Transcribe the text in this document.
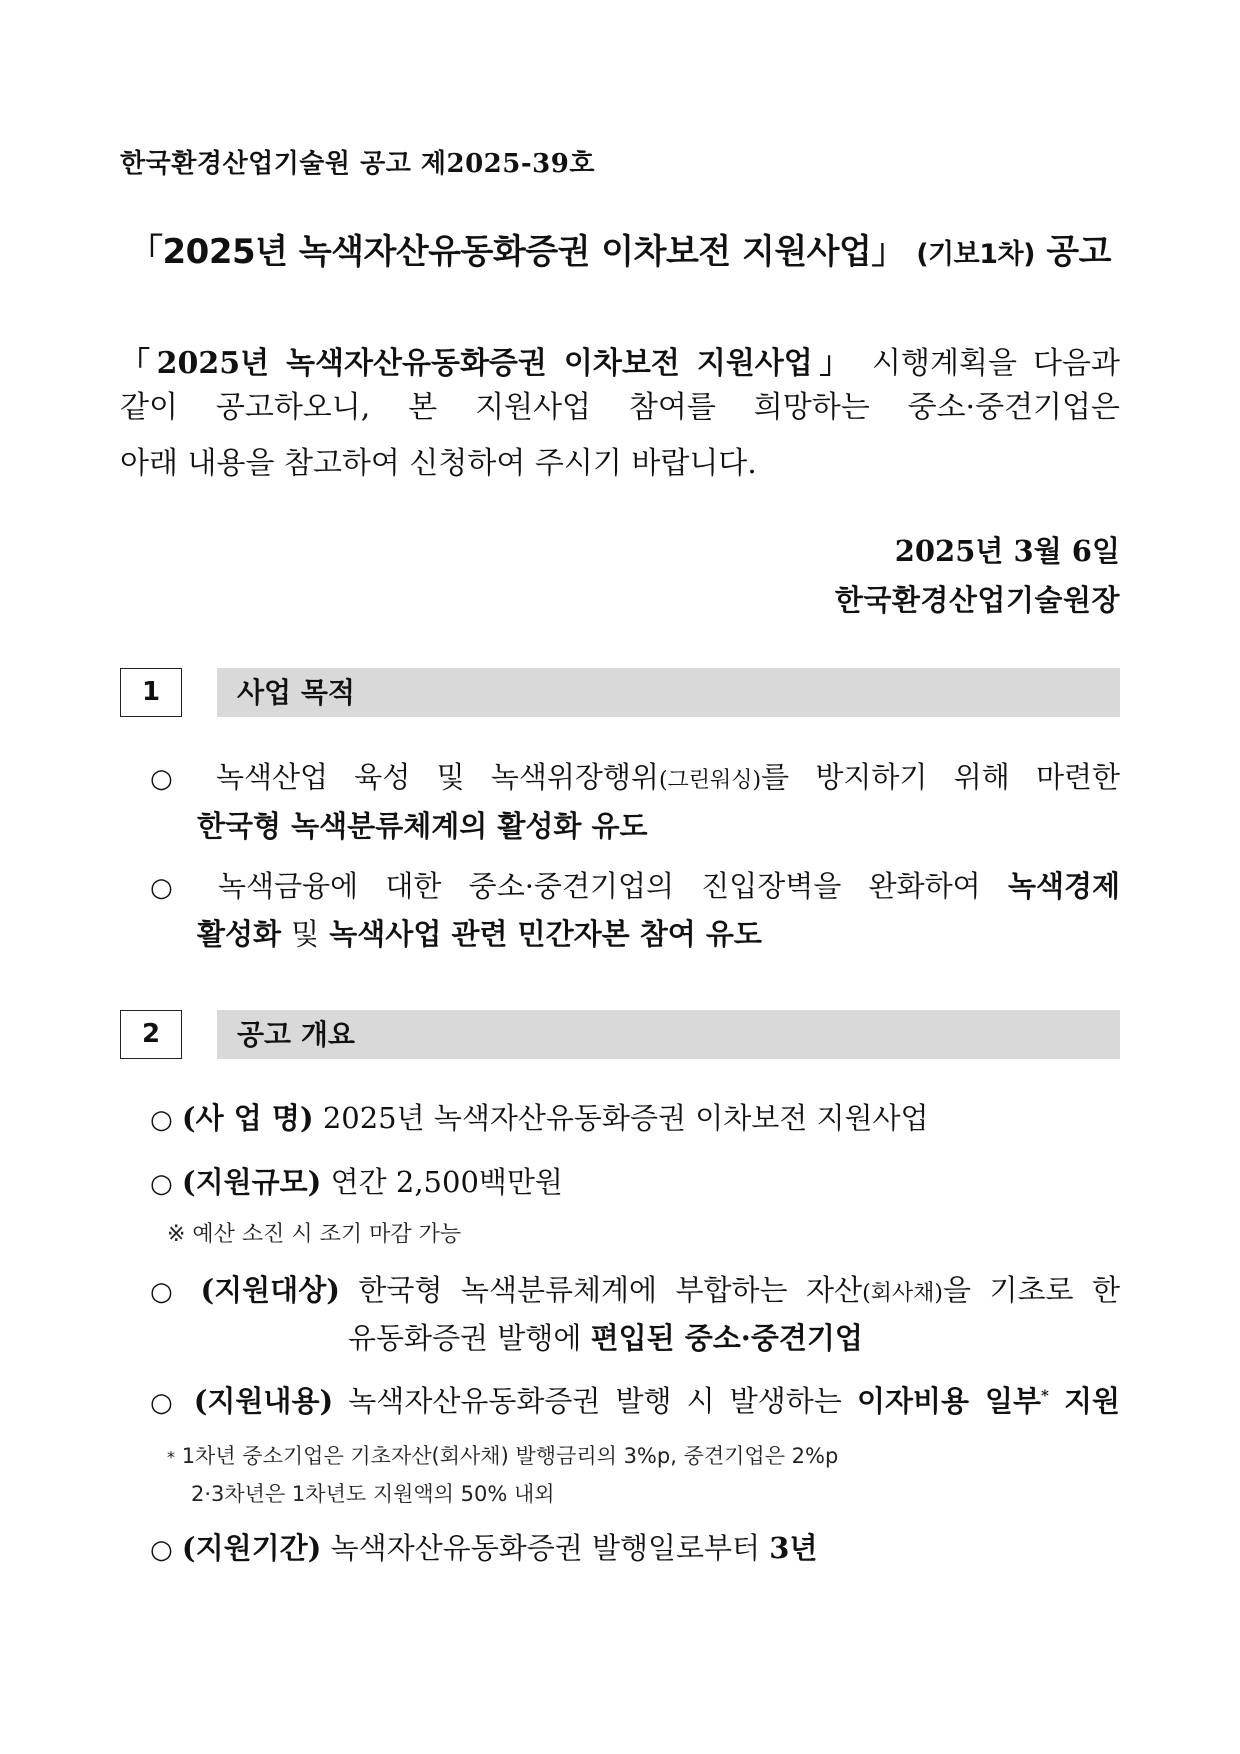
한국환경산업기술원 공고 제2025-39호
「2025년 녹색자산유동화증권 이차보전 지원사업」 (기보1차) 공고
「2025년 녹색자산유동화증권 이차보전 지원사업」 시행계획을 다음과
같이 공고하오니, 본 지원사업 참여를 희망하는 중소·중견기업은
아래 내용을 참고하여 신청하여 주시기 바랍니다.
2025년 3월 6일
한국환경산업기술원장
1	사업 목적
○ 녹색산업 육성 및 녹색위장행위(그린워싱)를 방지하기 위해 마련한
한국형 녹색분류체계의 활성화 유도
○ 녹색금융에 대한 중소·중견기업의 진입장벽을 완화하여 녹색경제
활성화 및 녹색사업 관련 민간자본 참여 유도
2	공고 개요
○ (사 업 명) 2025년 녹색자산유동화증권 이차보전 지원사업
○ (지원규모) 연간 2,500백만원
※ 예산 소진 시 조기 마감 가능
○ (지원대상) 한국형 녹색분류체계에 부합하는 자산(회사채)을 기초로 한
유동화증권 발행에 편입된 중소·중견기업
○ (지원내용) 녹색자산유동화증권 발행 시 발생하는 이자비용 일부* 지원
* 1차년 중소기업은 기초자산(회사채) 발행금리의 3%p, 중견기업은 2%p
2·3차년은 1차년도 지원액의 50% 내외
○ (지원기간) 녹색자산유동화증권 발행일로부터 3년
